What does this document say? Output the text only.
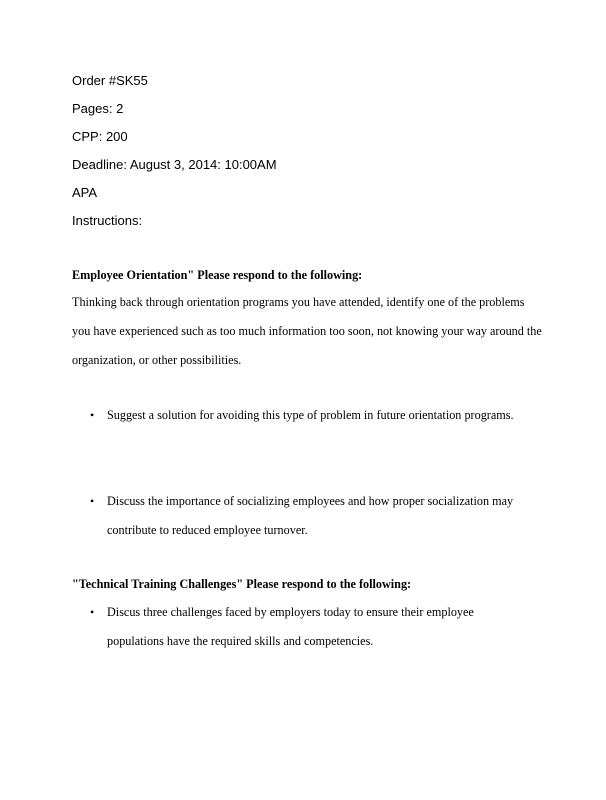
Order #SK55
Pages: 2
CPP: 200
Deadline: August 3, 2014: 10:00AM
APA
Instructions:
Employee Orientation" Please respond to the following:

Thinking back through orientation programs you have attended, identify one of the problems you have experienced such as too much information too soon, not knowing your way around the organization, or other possibilities.

•	Suggest a solution for avoiding this type of problem in future orientation programs.

•	Discuss the importance of socializing employees and how proper socialization may contribute to reduced employee turnover.

"Technical Training Challenges" Please respond to the following:
•	Discus three challenges faced by employers today to ensure their employee populations have the required skills and competencies.
